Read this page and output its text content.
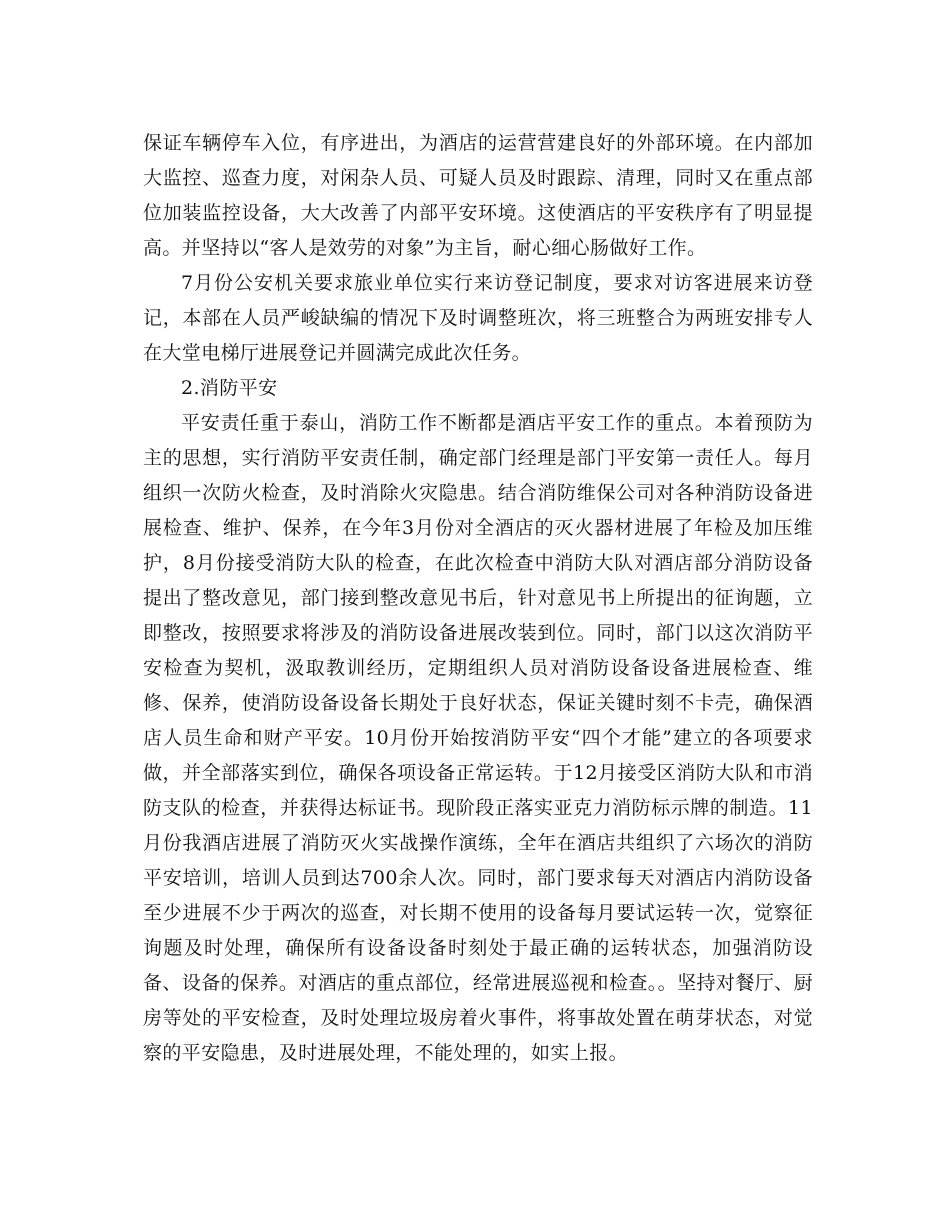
保证车辆停车入位，有序进出，为酒店的运营营建良好的外部环境。在内部加大监控、巡查力度，对闲杂人员、可疑人员及时跟踪、清理，同时又在重点部位加装监控设备，大大改善了内部平安环境。这使酒店的平安秩序有了明显提高。并坚持以“客人是效劳的对象”为主旨，耐心细心肠做好工作。

7月份公安机关要求旅业单位实行来访登记制度，要求对访客进展来访登记，本部在人员严峻缺编的情况下及时调整班次，将三班整合为两班安排专人在大堂电梯厅进展登记并圆满完成此次任务。

2.消防平安

平安责任重于泰山，消防工作不断都是酒店平安工作的重点。本着预防为主的思想，实行消防平安责任制，确定部门经理是部门平安第一责任人。每月组织一次防火检查，及时消除火灾隐患。结合消防维保公司对各种消防设备进展检查、维护、保养，在今年3月份对全酒店的灭火器材进展了年检及加压维护，8月份接受消防大队的检查，在此次检查中消防大队对酒店部分消防设备提出了整改意见，部门接到整改意见书后，针对意见书上所提出的征询题，立即整改，按照要求将涉及的消防设备进展改装到位。同时，部门以这次消防平安检查为契机，汲取教训经历，定期组织人员对消防设备设备进展检查、维修、保养，使消防设备设备长期处于良好状态，保证关键时刻不卡壳，确保酒店人员生命和财产平安。10月份开始按消防平安“四个才能”建立的各项要求做，并全部落实到位，确保各项设备正常运转。于12月接受区消防大队和市消防支队的检查，并获得达标证书。现阶段正落实亚克力消防标示牌的制造。11月份我酒店进展了消防灭火实战操作演练，全年在酒店共组织了六场次的消防平安培训，培训人员到达700余人次。同时，部门要求每天对酒店内消防设备至少进展不少于两次的巡查，对长期不使用的设备每月要试运转一次，觉察征询题及时处理，确保所有设备设备时刻处于最正确的运转状态，加强消防设备、设备的保养。对酒店的重点部位，经常进展巡视和检查。。坚持对餐厅、厨房等处的平安检查，及时处理垃圾房着火事件，将事故处置在萌芽状态，对觉察的平安隐患，及时进展处理，不能处理的，如实上报。
